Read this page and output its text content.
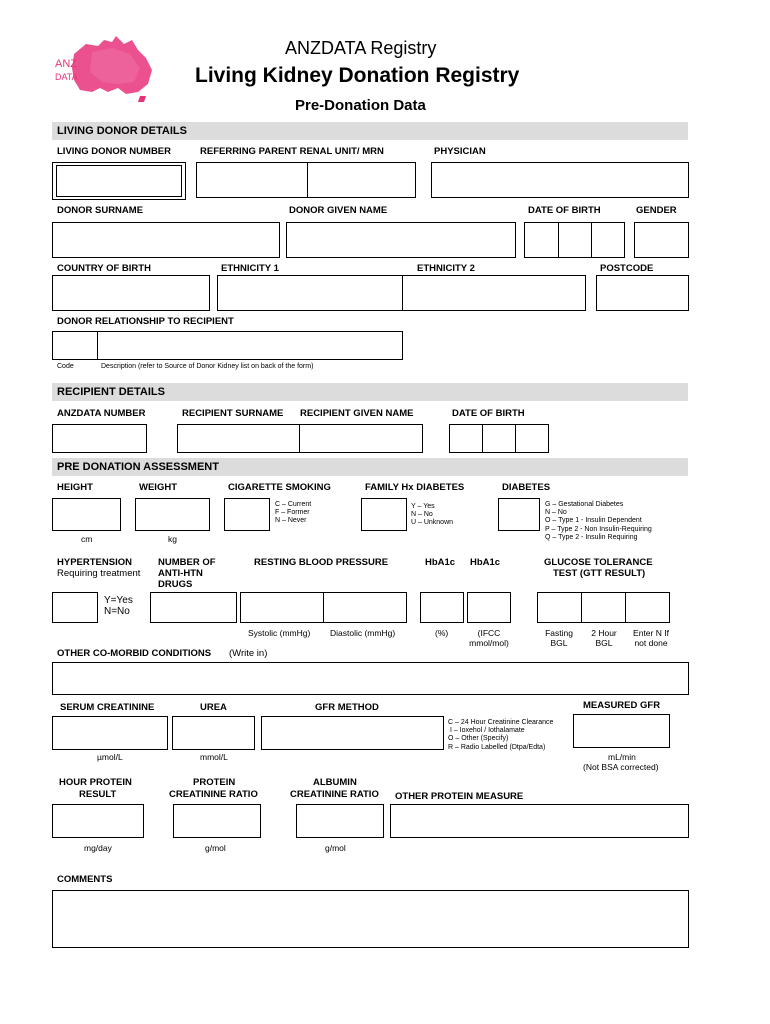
ANZ
DATA
ANZDATA Registry
Living Kidney Donation Registry
Pre-Donation Data
LIVING DONOR DETAILS
LIVING DONOR NUMBER	REFERRING PARENT RENAL UNIT/ MRN	PHYSICIAN
DONOR SURNAME	DONOR GIVEN NAME	DATE OF BIRTH	GENDER
COUNTRY OF BIRTH	ETHNICITY 1	ETHNICITY 2	POSTCODE
DONOR RELATIONSHIP TO RECIPIENT
Code	Description (refer to Source of Donor Kidney list on back of the form)
RECIPIENT DETAILS
ANZDATA NUMBER	RECIPIENT SURNAME RECIPIENT GIVEN NAME	DATE OF BIRTH
PRE DONATION ASSESSMENT
HEIGHT	WEIGHT	CIGARETTE SMOKING	FAMILY Hx DIABETES	DIABETES
C – Current
F – Former
N – Never
Y – Yes
N – No
U – Unknown
G – Gestational Diabetes
N – No
O – Type 1 - Insulin Dependent
P – Type 2 - Non Insulin-Requiring
Q – Type 2 - Insulin Requiring
cm	kg
HYPERTENSION
Requiring treatment
NUMBER OF
ANTI-HTN
DRUGS
RESTING BLOOD PRESSURE	HbA1c HbA1c	GLUCOSE TOLERANCE
TEST (GTT RESULT)
Y=Yes
N=No
Systolic (mmHg) Diastolic (mmHg)	(%)	(IFCC
mmol/mol)
Fasting
BGL
2 Hour
BGL
Enter N If
not done
OTHER CO-MORBID CONDITIONS (Write in)
SERUM CREATININE	UREA	GFR METHOD	MEASURED GFR
C – 24 Hour Creatinine Clearance
I – Ioxehol / Iothalamate
O – Other (Specify)
R – Radio Labelled (Dtpa/Edta)
µmol/L	mmol/L	mL/min
(Not BSA corrected)
HOUR PROTEIN
RESULT
PROTEIN
CREATININE RATIO
ALBUMIN
CREATININE RATIO OTHER PROTEIN MEASURE
mg/day	g/mol	g/mol
COMMENTS
